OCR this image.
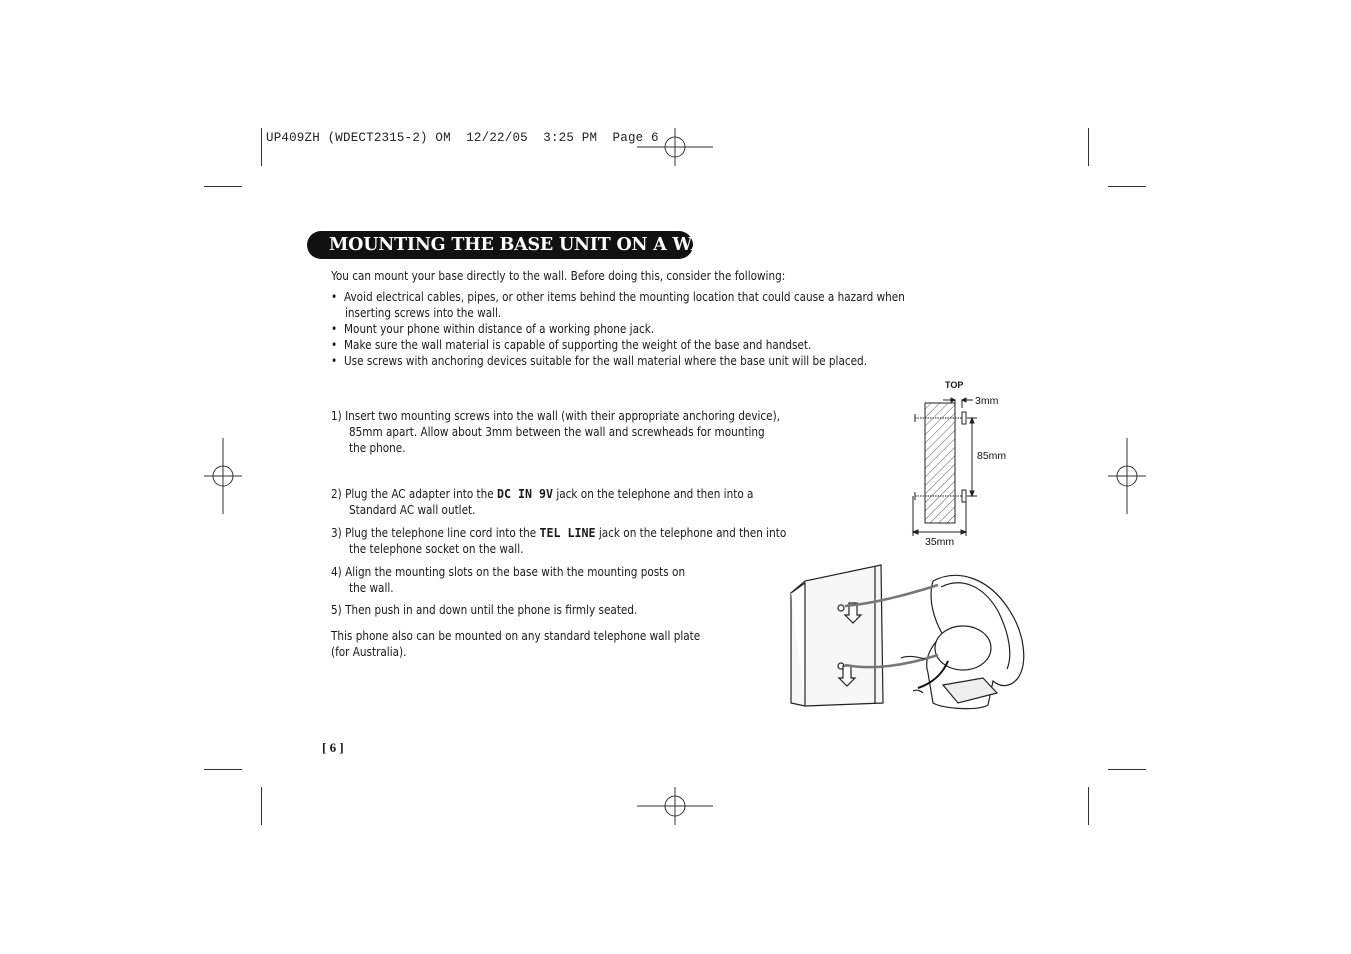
UP409ZH (WDECT2315-2) OM  12/22/05  3:25 PM  Page 6
MOUNTING THE BASE UNIT ON A WALL
You can mount your base directly to the wall. Before doing this, consider the following:
• Avoid electrical cables, pipes, or other items behind the mounting location that could cause a hazard when
inserting screws into the wall.
• Mount your phone within distance of a working phone jack.
• Make sure the wall material is capable of supporting the weight of the base and handset.
• Use screws with anchoring devices suitable for the wall material where the base unit will be placed.
1) Insert two mounting screws into the wall (with their appropriate anchoring device),
85mm apart. Allow about 3mm between the wall and screwheads for mounting
the phone.
2) Plug the AC adapter into the DC IN 9V jack on the telephone and then into a
Standard AC wall outlet.
3) Plug the telephone line cord into the TEL LINE jack on the telephone and then into
the telephone socket on the wall.
4) Align the mounting slots on the base with the mounting posts on
the wall.
5) Then push in and down until the phone is firmly seated.
This phone also can be mounted on any standard telephone wall plate
(for Australia).
TOP
3mm
85mm
35mm
[ 6 ]
